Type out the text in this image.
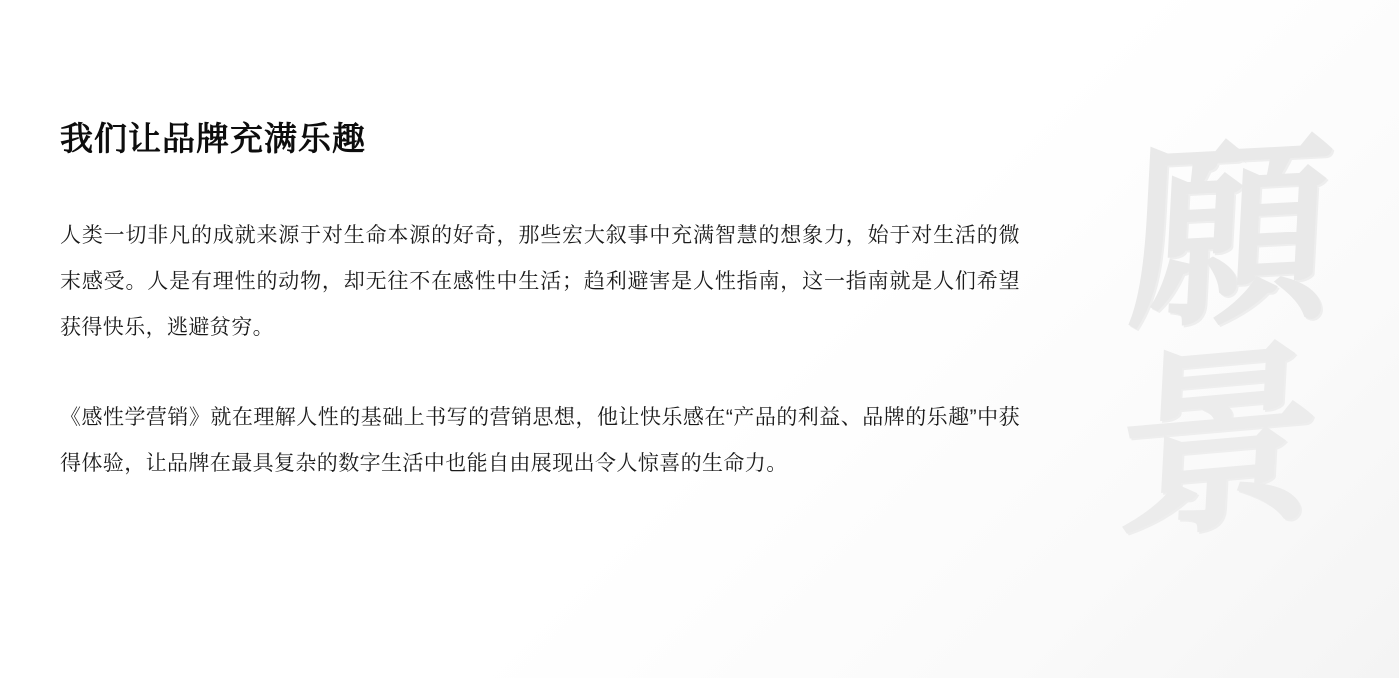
願
景
我们让品牌充满乐趣

人类一切非凡的成就来源于对生命本源的好奇，那些宏大叙事中充满智慧的想象力，始于对生活的微末感受。人是有理性的动物，却无往不在感性中生活；趋利避害是人性指南，这一指南就是人们希望获得快乐，逃避贫穷。

《感性学营销》就在理解人性的基础上书写的营销思想，他让快乐感在“产品的利益、品牌的乐趣”中获得体验，让品牌在最具复杂的数字生活中也能自由展现出令人惊喜的生命力。
